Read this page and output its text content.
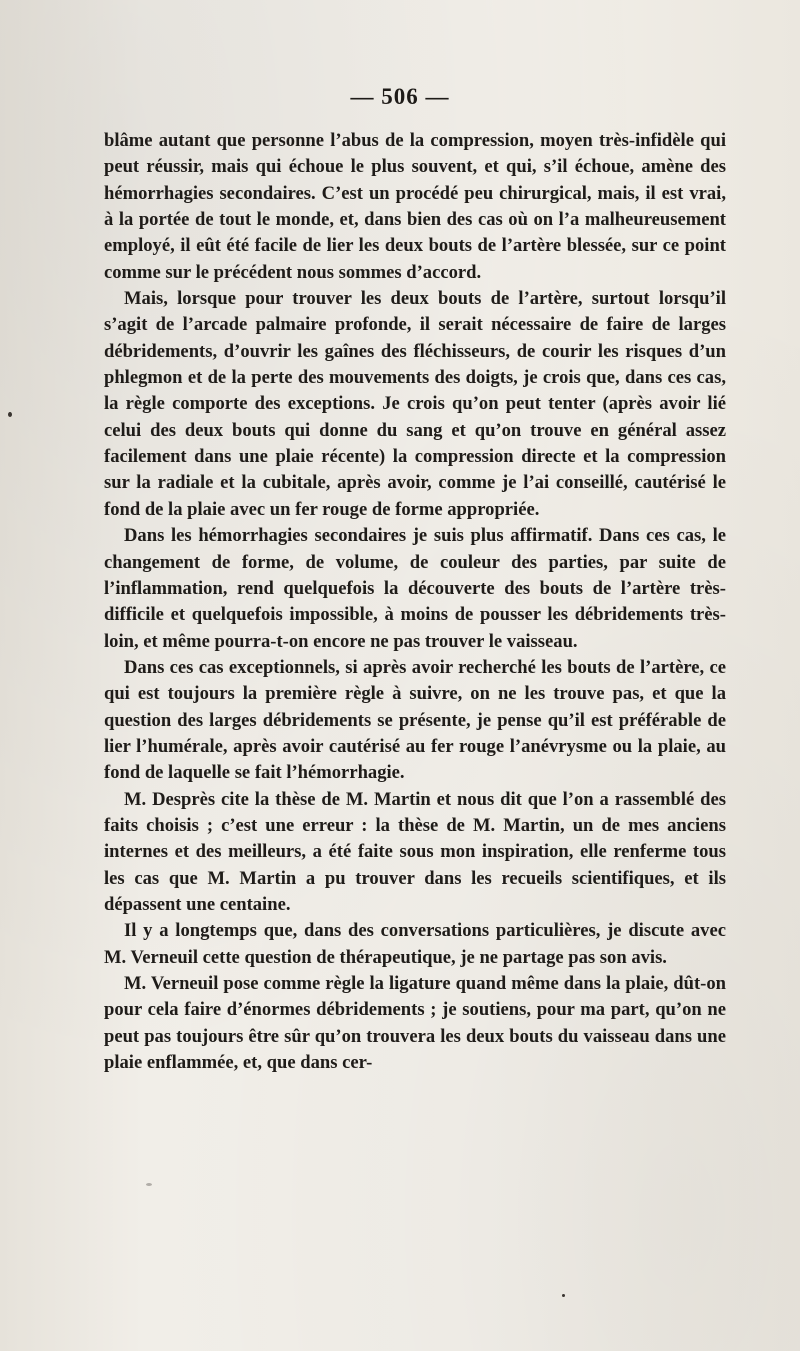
— 506 —

blâme autant que personne l’abus de la compression, moyen très-infidèle qui peut réussir, mais qui échoue le plus souvent, et qui, s’il échoue, amène des hémorrhagies secondaires. C’est un procédé peu chirurgical, mais, il est vrai, à la portée de tout le monde, et, dans bien des cas où on l’a malheureusement employé, il eût été facile de lier les deux bouts de l’artère blessée, sur ce point comme sur le précédent nous sommes d’accord.

Mais, lorsque pour trouver les deux bouts de l’artère, surtout lorsqu’il s’agit de l’arcade palmaire profonde, il serait nécessaire de faire de larges débridements, d’ouvrir les gaînes des fléchisseurs, de courir les risques d’un phlegmon et de la perte des mouvements des doigts, je crois que, dans ces cas, la règle comporte des exceptions. Je crois qu’on peut tenter (après avoir lié celui des deux bouts qui donne du sang et qu’on trouve en général assez facilement dans une plaie récente) la compression directe et la compression sur la radiale et la cubitale, après avoir, comme je l’ai conseillé, cautérisé le fond de la plaie avec un fer rouge de forme appropriée.

Dans les hémorrhagies secondaires je suis plus affirmatif. Dans ces cas, le changement de forme, de volume, de couleur des parties, par suite de l’inflammation, rend quelquefois la découverte des bouts de l’artère très-difficile et quelquefois impossible, à moins de pousser les débridements très-loin, et même pourra-t-on encore ne pas trouver le vaisseau.

Dans ces cas exceptionnels, si après avoir recherché les bouts de l’artère, ce qui est toujours la première règle à suivre, on ne les trouve pas, et que la question des larges débridements se présente, je pense qu’il est préférable de lier l’humérale, après avoir cautérisé au fer rouge l’anévrysme ou la plaie, au fond de laquelle se fait l’hémorrhagie.

M. Desprès cite la thèse de M. Martin et nous dit que l’on a rassemblé des faits choisis ; c’est une erreur : la thèse de M. Martin, un de mes anciens internes et des meilleurs, a été faite sous mon inspiration, elle renferme tous les cas que M. Martin a pu trouver dans les recueils scientifiques, et ils dépassent une centaine.

Il y a longtemps que, dans des conversations particulières, je discute avec M. Verneuil cette question de thérapeutique, je ne partage pas son avis.

M. Verneuil pose comme règle la ligature quand même dans la plaie, dût-on pour cela faire d’énormes débridements ; je soutiens, pour ma part, qu’on ne peut pas toujours être sûr qu’on trouvera les deux bouts du vaisseau dans une plaie enflammée, et, que dans cer-
